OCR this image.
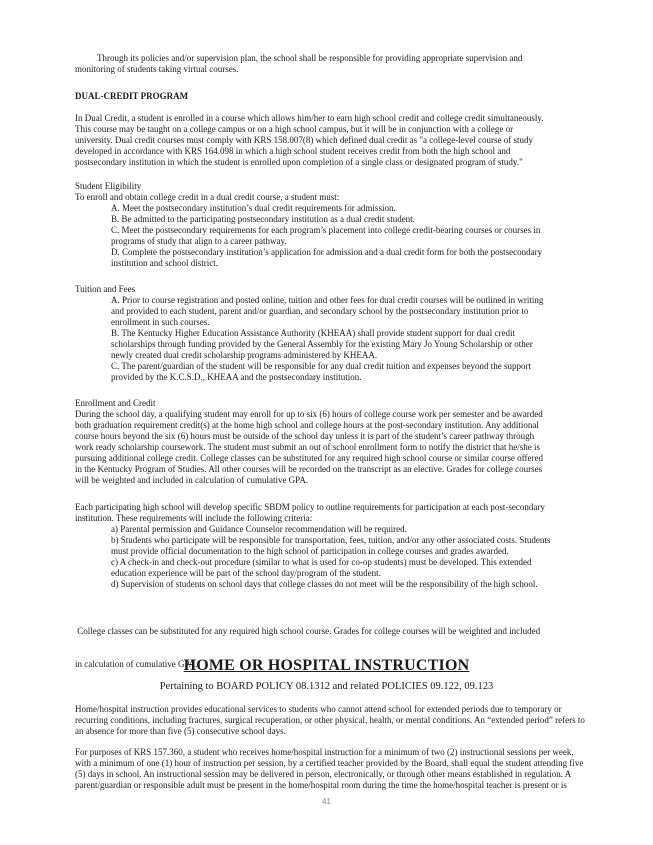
Through its policies and/or supervision plan, the school shall be responsible for providing appropriate supervision and
monitoring of students taking virtual courses.
DUAL-CREDIT PROGRAM
In Dual Credit, a student is enrolled in a course which allows him/her to earn high school credit and college credit simultaneously.
This course may be taught on a college campus or on a high school campus, but it will be in conjunction with a college or
university. Dual credit courses must comply with KRS 158.007(8) which defined dual credit as "a college-level course of study
developed in accordance with KRS 164.098 in which a high school student receives credit from both the high school and
postsecondary institution in which the student is enrolled upon completion of a single class or designated program of study."
Student Eligibility
To enroll and obtain college credit in a dual credit course, a student must:
A. Meet the postsecondary institution’s dual credit requirements for admission.
B. Be admitted to the participating postsecondary institution as a dual credit student.
C. Meet the postsecondary requirements for each program’s placement into college credit-bearing courses or courses in
programs of study that align to a career pathway.
D. Complete the postsecondary institution’s application for admission and a dual credit form for both the postsecondary
institution and school district.
Tuition and Fees
A. Prior to course registration and posted online, tuition and other fees for dual credit courses will be outlined in writing
and provided to each student, parent and/or guardian, and secondary school by the postsecondary institution prior to
enrollment in such courses.
B. The Kentucky Higher Education Assistance Authority (KHEAA) shall provide student support for dual credit
scholarships through funding provided by the General Assembly for the existing Mary Jo Young Scholarship or other
newly created dual credit scholarship programs administered by KHEAA.
C. The parent/guardian of the student will be responsible for any dual credit tuition and expenses beyond the support
provided by the K.C.S.D., KHEAA and the postsecondary institution.
Enrollment and Credit
During the school day, a qualifying student may enroll for up to six (6) hours of college course work per semester and be awarded
both graduation requirement credit(s) at the home high school and college hours at the post-secondary institution. Any additional
course hours beyond the six (6) hours must be outside of the school day unless it is part of the student’s career pathway through
work ready scholarship coursework. The student must submit an out of school enrollment form to notify the district that he/she is
pursuing additional college credit. College classes can be substituted for any required high school course or similar course offered
in the Kentucky Program of Studies. All other courses will be recorded on the transcript as an elective. Grades for college courses
will be weighted and included in calculation of cumulative GPA.
Each participating high school will develop specific SBDM policy to outline requirements for participation at each post-secondary
institution. These requirements will include the following criteria:
a) Parental permission and Guidance Counselor recommendation will be required.
b) Students who participate will be responsible for transportation, fees, tuition, and/or any other associated costs. Students
must provide official documentation to the high school of participation in college courses and grades awarded.
c) A check-in and check-out procedure (similar to what is used for co-op students) must be developed. This extended
education experience will be part of the school day/program of the student.
d) Supervision of students on school days that college classes do not meet will be the responsibility of the high school.

College classes can be substituted for any required high school course. Grades for college courses will be weighted and included

in calculation of cumulative GPA.

HOME OR HOSPITAL INSTRUCTION
Pertaining to BOARD POLICY 08.1312 and related POLICIES 09.122, 09.123
Home/hospital instruction provides educational services to students who cannot attend school for extended periods due to temporary or
recurring conditions, including fractures, surgical recuperation, or other physical, health, or mental conditions. An “extended period” refers to
an absence for more than five (5) consecutive school days.
For purposes of KRS 157.360, a student who receives home/hospital instruction for a minimum of two (2) instructional sessions per week,
with a minimum of one (1) hour of instruction per session, by a certified teacher provided by the Board, shall equal the student attending five
(5) days in school. An instructional session may be delivered in person, electronically, or through other means established in regulation. A
parent/guardian or responsible adult must be present in the home/hospital room during the time the home/hospital teacher is present or is
41
